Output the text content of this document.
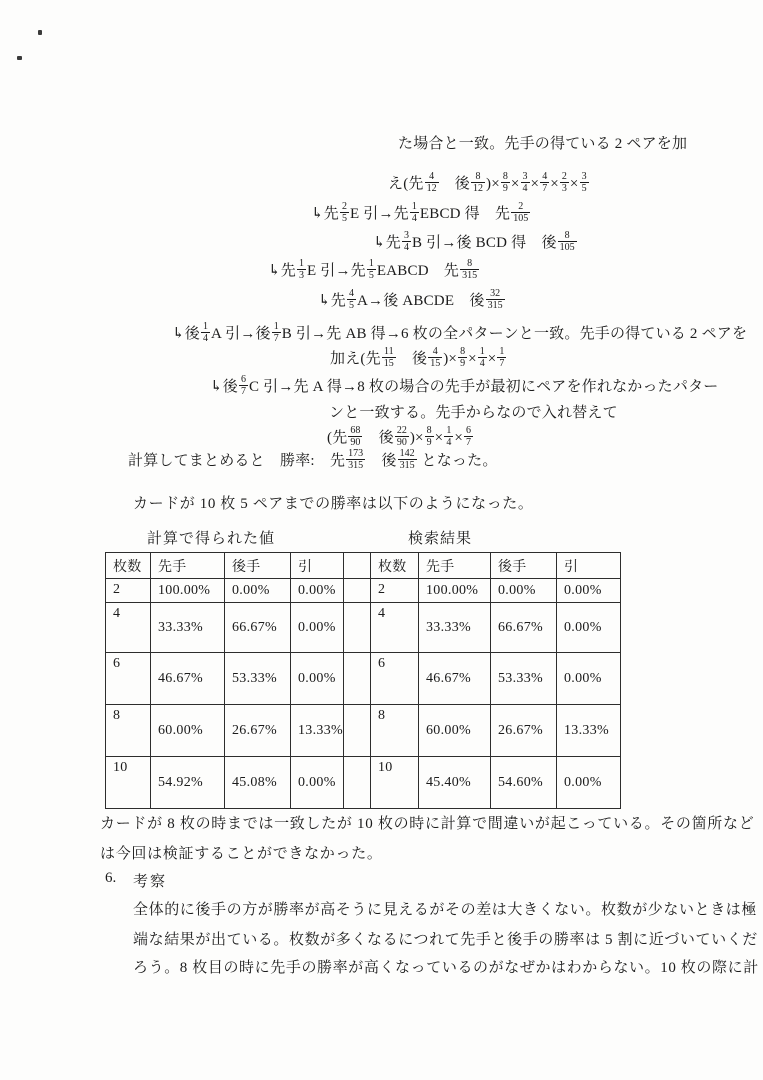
た場合と一致。先手の得ている 2 ペアを加
え(先 $\frac{4}{12}$ 　後 $\frac{8}{12}$ )× $\frac{8}{9} \times \frac{3}{4} \times \frac{4}{7} \times \frac{2}{3} \times \frac{3}{5}$
↳先 $\frac{2}{5}$ E 引→先 $\frac{1}{4}$ EBCD 得　先 $\frac{2}{105}$
↳先 $\frac{3}{4}$ B 引→後 BCD 得　後 $\frac{8}{105}$
↳先 $\frac{1}{3}$ E 引→先 $\frac{1}{5}$ EABCD　先 $\frac{8}{315}$
↳先 $\frac{4}{5} A\to$後 ABCDE　後 $\frac{32}{315}$
↳後 $\frac{1}{4}$ A 引→後 $\frac{1}{7}$ B 引→先 AB 得→6 枚の全パターンと一致。先手の得ている 2 ペアを
加え(先 $\frac{11}{15}$ 　後 $\frac{4}{15}$ )× $\frac{8}{9} \times \frac{1}{4} \times \frac{1}{7}$
↳後 $\frac{6}{7}$ C 引→先 A 得→8 枚の場合の先手が最初にペアを作れなかったパター
ンと一致する。先手からなので入れ替えて
(先 $\frac{68}{90}$ 　後 $\frac{22}{90}$ )× $\frac{8}{9} \times \frac{1}{4} \times \frac{6}{7}$
計算してまとめると　勝率:　先 $\frac{173}{315}$ 　後 $\frac{142}{315}$ となった。
カードが 10 枚 5 ペアまでの勝率は以下のようになった。
計算で得られた値	検索結果
枚数	先手	後手	引		枚数	先手	後手	引
2	100.00%	0.00%	0.00%		2	100.00%	0.00%	0.00%
4	33.33%	66.67%	0.00%		4	33.33%	66.67%	0.00%
6	46.67%	53.33%	0.00%		6	46.67%	53.33%	0.00%
8	60.00%	26.67%	13.33%		8	60.00%	26.67%	13.33%
10	54.92%	45.08%	0.00%		10	45.40%	54.60%	0.00%
カードが 8 枚の時までは一致したが 10 枚の時に計算で間違いが起こっている。その箇所など
は今回は検証することができなかった。
6. 考察
全体的に後手の方が勝率が高そうに見えるがその差は大きくない。枚数が少ないときは極
端な結果が出ている。枚数が多くなるにつれて先手と後手の勝率は 5 割に近づいていくだ
ろう。8 枚目の時に先手の勝率が高くなっているのがなぜかはわからない。10 枚の際に計
